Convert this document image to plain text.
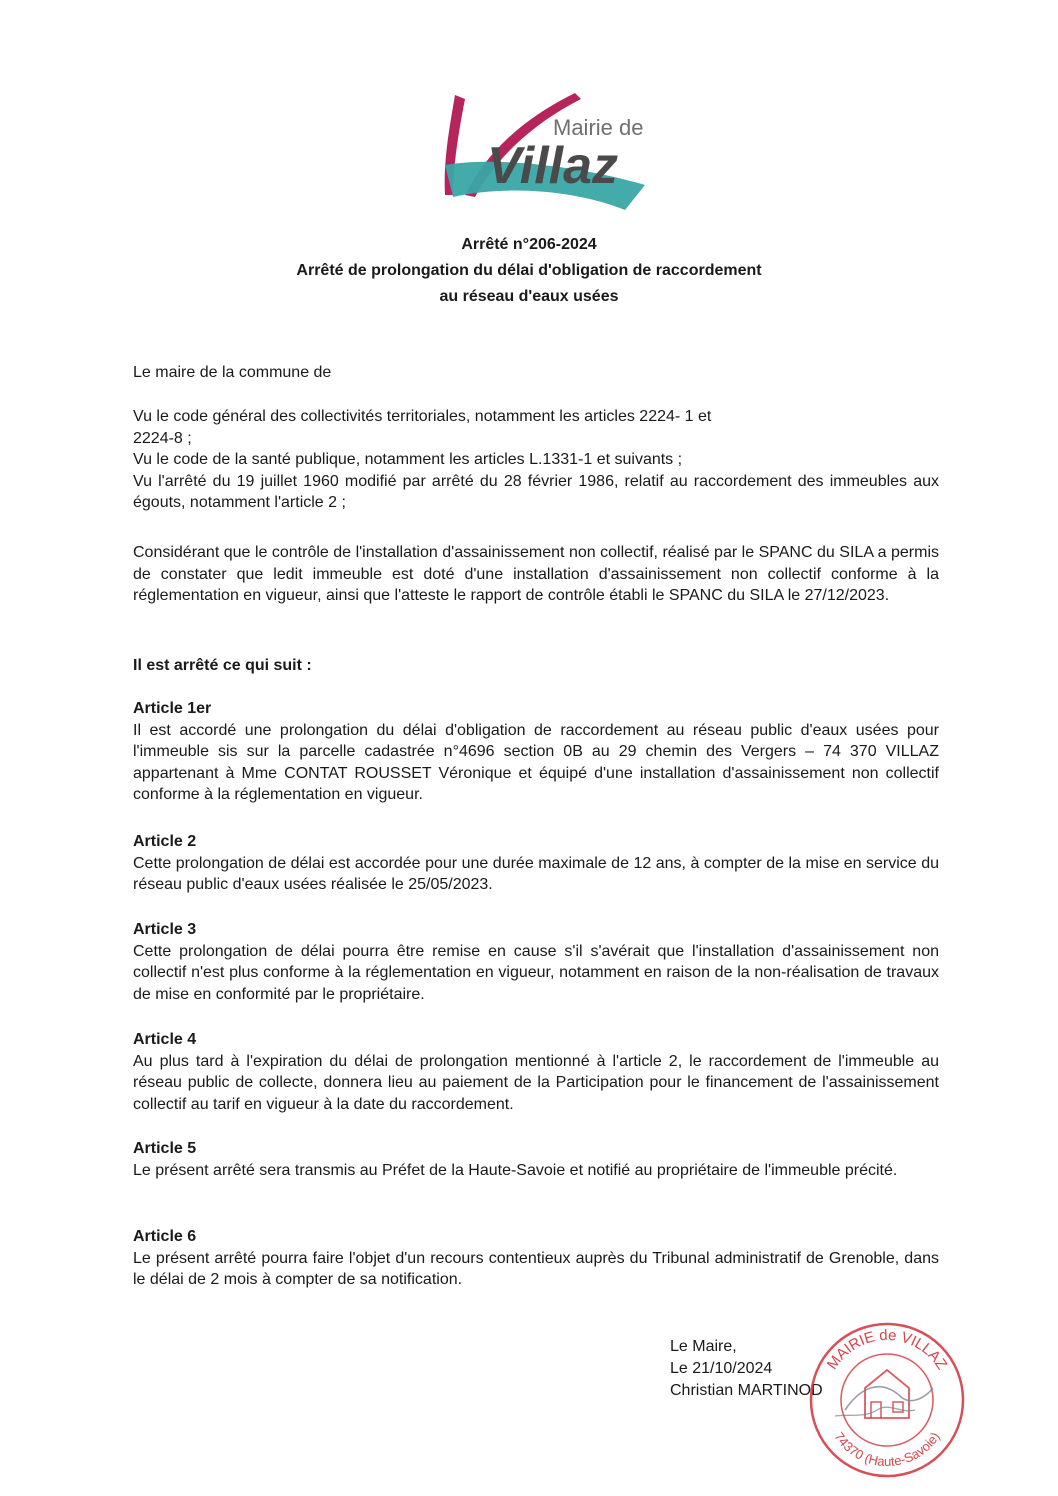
Mairie de
Villaz
Arrêté n°206-2024
Arrêté de prolongation du délai d'obligation de raccordement
au réseau d'eaux usées
Le maire de la commune de
Vu le code général des collectivités territoriales, notamment les articles 2224- 1 et
2224-8 ;
Vu le code de la santé publique, notamment les articles L.1331-1 et suivants ;
Vu l'arrêté du 19 juillet 1960 modifié par arrêté du 28 février 1986, relatif au raccordement des immeubles aux égouts, notamment l'article 2 ;
Considérant que le contrôle de l'installation d'assainissement non collectif, réalisé par le SPANC du SILA a permis de constater que ledit immeuble est doté d'une installation d'assainissement non collectif conforme à la réglementation en vigueur, ainsi que l'atteste le rapport de contrôle établi le SPANC du SILA le 27/12/2023.
Il est arrêté ce qui suit :
Article 1er
Il est accordé une prolongation du délai d'obligation de raccordement au réseau public d'eaux usées pour l'immeuble sis sur la parcelle cadastrée n°4696 section 0B au 29 chemin des Vergers – 74 370 VILLAZ appartenant à Mme CONTAT ROUSSET Véronique et équipé d'une installation d'assainissement non collectif conforme à la réglementation en vigueur.
Article 2
Cette prolongation de délai est accordée pour une durée maximale de 12 ans, à compter de la mise en service du réseau public d'eaux usées réalisée le 25/05/2023.
Article 3
Cette prolongation de délai pourra être remise en cause s'il s'avérait que l'installation d'assainissement non collectif n'est plus conforme à la réglementation en vigueur, notamment en raison de la non-réalisation de travaux de mise en conformité par le propriétaire.
Article 4
Au plus tard à l'expiration du délai de prolongation mentionné à l'article 2, le raccordement de l'immeuble au réseau public de collecte, donnera lieu au paiement de la Participation pour le financement de l'assainissement collectif au tarif en vigueur à la date du raccordement.
Article 5
Le présent arrêté sera transmis au Préfet de la Haute-Savoie et notifié au propriétaire de l'immeuble précité.
Article 6
Le présent arrêté pourra faire l'objet d'un recours contentieux auprès du Tribunal administratif de Grenoble, dans le délai de 2 mois à compter de sa notification.
Le Maire,
Le 21/10/2024
Christian MARTINOD
MAIRIE de VILLAZ
74370 (Haute-Savoie)
